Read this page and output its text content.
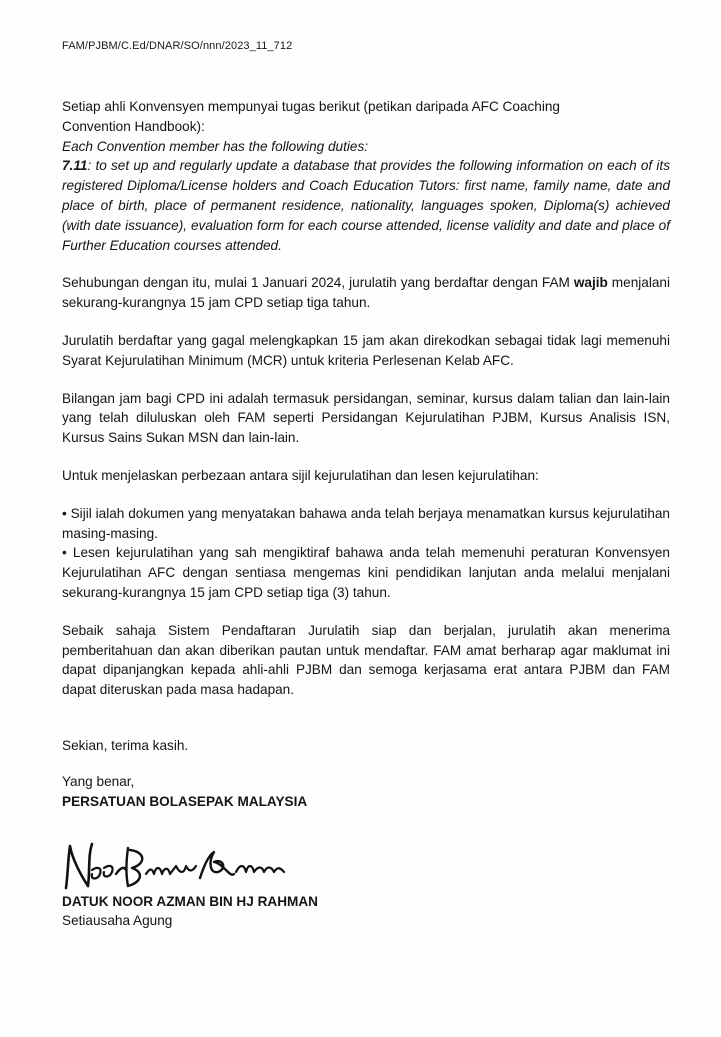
FAM/PJBM/C.Ed/DNAR/SO/nnn/2023_11_712

Setiap ahli Konvensyen mempunyai tugas berikut (petikan daripada AFC Coaching
Convention Handbook):
Each Convention member has the following duties:
7.11: to set up and regularly update a database that provides the following information on each of its registered Diploma/License holders and Coach Education Tutors: first name, family name, date and place of birth, place of permanent residence, nationality, languages spoken, Diploma(s) achieved (with date issuance), evaluation form for each course attended, license validity and date and place of Further Education courses attended.

Sehubungan dengan itu, mulai 1 Januari 2024, jurulatih yang berdaftar dengan FAM wajib menjalani sekurang-kurangnya 15 jam CPD setiap tiga tahun.

Jurulatih berdaftar yang gagal melengkapkan 15 jam akan direkodkan sebagai tidak lagi memenuhi Syarat Kejurulatihan Minimum (MCR) untuk kriteria Perlesenan Kelab AFC.

Bilangan jam bagi CPD ini adalah termasuk persidangan, seminar, kursus dalam talian dan lain-lain yang telah diluluskan oleh FAM seperti Persidangan Kejurulatihan PJBM, Kursus Analisis ISN, Kursus Sains Sukan MSN dan lain-lain.

Untuk menjelaskan perbezaan antara sijil kejurulatihan dan lesen kejurulatihan:

• Sijil ialah dokumen yang menyatakan bahawa anda telah berjaya menamatkan kursus kejurulatihan masing-masing.

• Lesen kejurulatihan yang sah mengiktiraf bahawa anda telah memenuhi peraturan Konvensyen Kejurulatihan AFC dengan sentiasa mengemas kini pendidikan lanjutan anda melalui menjalani sekurang-kurangnya 15 jam CPD setiap tiga (3) tahun.

Sebaik sahaja Sistem Pendaftaran Jurulatih siap dan berjalan, jurulatih akan menerima pemberitahuan dan akan diberikan pautan untuk mendaftar. FAM amat berharap agar maklumat ini dapat dipanjangkan kepada ahli-ahli PJBM dan semoga kerjasama erat antara PJBM dan FAM dapat diteruskan pada masa hadapan.

Sekian, terima kasih.
Yang benar,
PERSATUAN BOLASEPAK MALAYSIA
DATUK NOOR AZMAN BIN HJ RAHMAN
Setiausaha Agung
